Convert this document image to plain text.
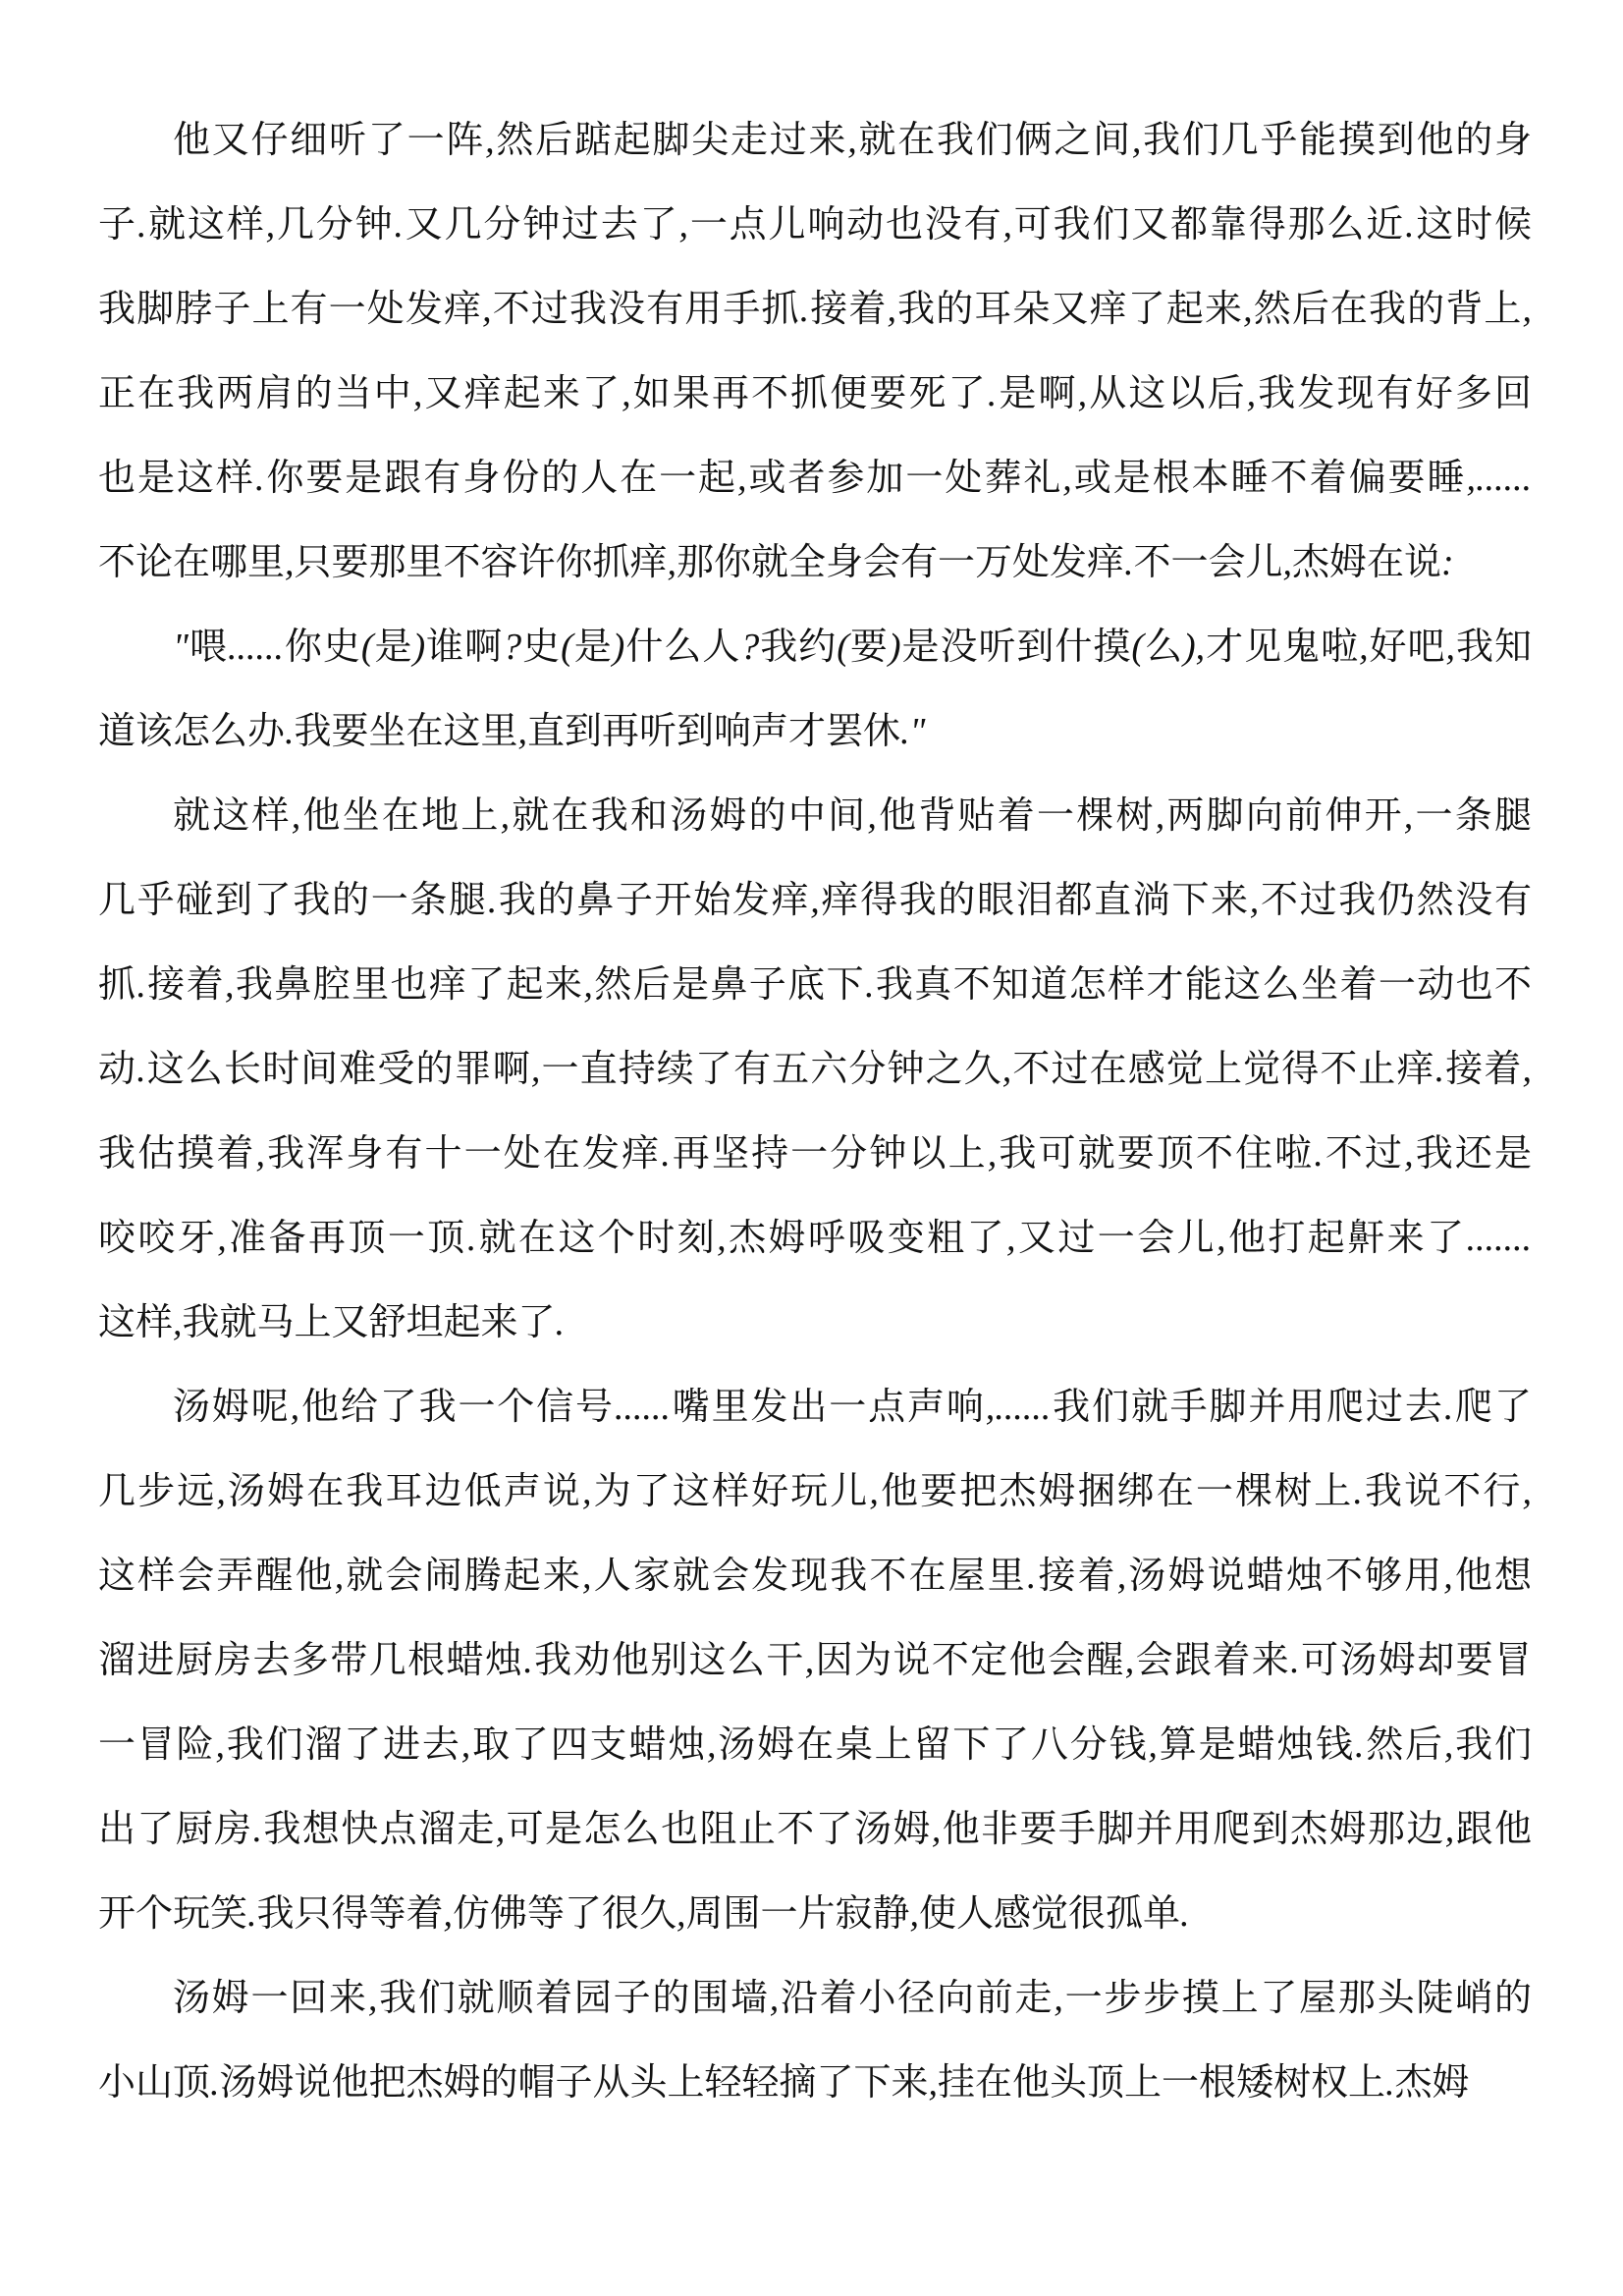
他又仔细听了一阵,然后踮起脚尖走过来,就在我们俩之间,我们几乎能摸到他的身
子.就这样,几分钟.又几分钟过去了,一点儿响动也没有,可我们又都靠得那么近.这时候
我脚脖子上有一处发痒,不过我没有用手抓.接着,我的耳朵又痒了起来,然后在我的背上,
正在我两肩的当中,又痒起来了,如果再不抓便要死了.是啊,从这以后,我发现有好多回
也是这样.你要是跟有身份的人在一起,或者参加一处葬礼,或是根本睡不着偏要睡,......
不论在哪里,只要那里不容许你抓痒,那你就全身会有一万处发痒.不一会儿,杰姆在说:
"喂......你史(是)谁啊?史(是)什么人?我约(要)是没听到什摸(么),才见鬼啦,好吧,我知
道该怎么办.我要坐在这里,直到再听到响声才罢休."
就这样,他坐在地上,就在我和汤姆的中间,他背贴着一棵树,两脚向前伸开,一条腿
几乎碰到了我的一条腿.我的鼻子开始发痒,痒得我的眼泪都直淌下来,不过我仍然没有
抓.接着,我鼻腔里也痒了起来,然后是鼻子底下.我真不知道怎样才能这么坐着一动也不
动.这么长时间难受的罪啊,一直持续了有五六分钟之久,不过在感觉上觉得不止痒.接着,
我估摸着,我浑身有十一处在发痒.再坚持一分钟以上,我可就要顶不住啦.不过,我还是
咬咬牙,准备再顶一顶.就在这个时刻,杰姆呼吸变粗了,又过一会儿,他打起鼾来了.......
这样,我就马上又舒坦起来了.
汤姆呢,他给了我一个信号......嘴里发出一点声响,......我们就手脚并用爬过去.爬了
几步远,汤姆在我耳边低声说,为了这样好玩儿,他要把杰姆捆绑在一棵树上.我说不行,
这样会弄醒他,就会闹腾起来,人家就会发现我不在屋里.接着,汤姆说蜡烛不够用,他想
溜进厨房去多带几根蜡烛.我劝他别这么干,因为说不定他会醒,会跟着来.可汤姆却要冒
一冒险,我们溜了进去,取了四支蜡烛,汤姆在桌上留下了八分钱,算是蜡烛钱.然后,我们
出了厨房.我想快点溜走,可是怎么也阻止不了汤姆,他非要手脚并用爬到杰姆那边,跟他
开个玩笑.我只得等着,仿佛等了很久,周围一片寂静,使人感觉很孤单.
汤姆一回来,我们就顺着园子的围墙,沿着小径向前走,一步步摸上了屋那头陡峭的
小山顶.汤姆说他把杰姆的帽子从头上轻轻摘了下来,挂在他头顶上一根矮树权上.杰姆
